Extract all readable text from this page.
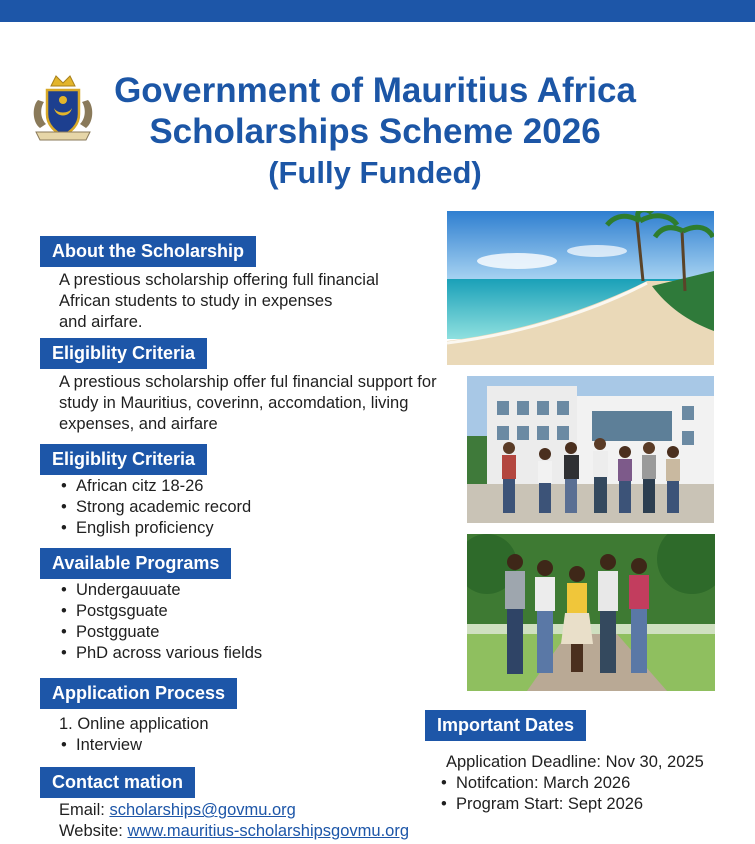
Government of Mauritius Africa
Scholarships Scheme 2026
(Fully Funded)
About the Scholarship
A prestious scholarship offering full financial
African students to study in expenses
and airfare.
Eligiblity Criteria
A prestious scholarship offer ful financial support for
study in Mauritius, coverinn, accomdation, living
expenses, and airfare
Eligiblity Criteria
• African citz 18-26
• Strong academic record
• English proficiency
Available Programs
• Undergauuate
• Postgsguate
• Postgguate
• PhD across various fields
Application Process
1. Online application
• Interview
Contact mation
Email: scholarships@govmu.org
Website: www.mauritius-scholarshipsgovmu.org
Important Dates
Application Deadline: Nov 30, 2025
• Notifcation: March 2026
• Program Start: Sept 2026
